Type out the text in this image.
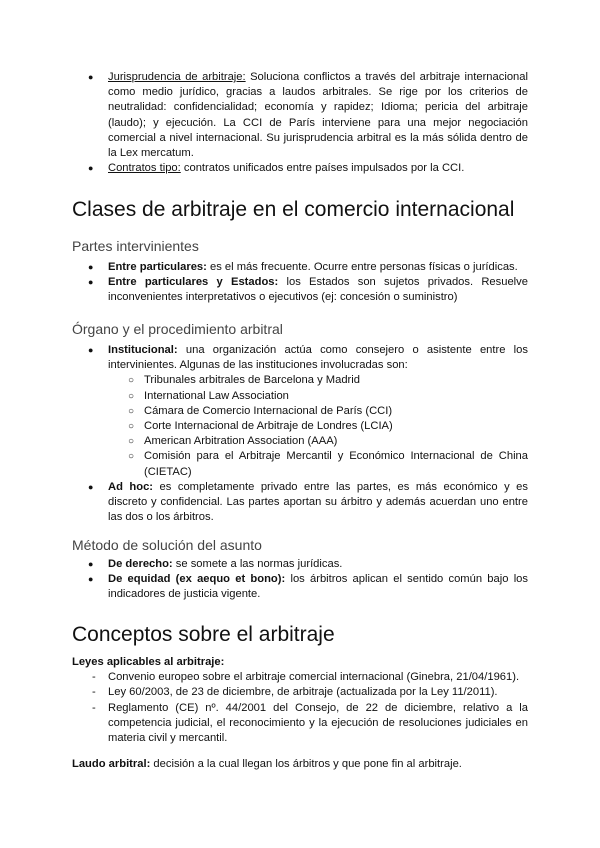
● Jurisprudencia de arbitraje: Soluciona conflictos a través del arbitraje internacional como medio jurídico, gracias a laudos arbitrales. Se rige por los criterios de neutralidad: confidencialidad; economía y rapidez; Idioma; pericia del arbitraje (laudo); y ejecución. La CCI de París interviene para una mejor negociación comercial a nivel internacional. Su jurisprudencia arbitral es la más sólida dentro de la Lex mercatum.
● Contratos tipo: contratos unificados entre países impulsados por la CCI.
Clases de arbitraje en el comercio internacional
Partes intervinientes
● Entre particulares: es el más frecuente. Ocurre entre personas físicas o jurídicas.
● Entre particulares y Estados: los Estados son sujetos privados. Resuelve inconvenientes interpretativos o ejecutivos (ej: concesión o suministro)
Órgano y el procedimiento arbitral
● Institucional: una organización actúa como consejero o asistente entre los intervinientes. Algunas de las instituciones involucradas son:
○ Tribunales arbitrales de Barcelona y Madrid
○ International Law Association
○ Cámara de Comercio Internacional de París (CCI)
○ Corte Internacional de Arbitraje de Londres (LCIA)
○ American Arbitration Association (AAA)
○ Comisión para el Arbitraje Mercantil y Económico Internacional de China (CIETAC)
● Ad hoc: es completamente privado entre las partes, es más económico y es discreto y confidencial. Las partes aportan su árbitro y además acuerdan uno entre las dos o los árbitros.
Método de solución del asunto
● De derecho: se somete a las normas jurídicas.
● De equidad (ex aequo et bono): los árbitros aplican el sentido común bajo los indicadores de justicia vigente.
Conceptos sobre el arbitraje
Leyes aplicables al arbitraje:
- Convenio europeo sobre el arbitraje comercial internacional (Ginebra, 21/04/1961).
- Ley 60/2003, de 23 de diciembre, de arbitraje (actualizada por la Ley 11/2011).
- Reglamento (CE) nº. 44/2001 del Consejo, de 22 de diciembre, relativo a la competencia judicial, el reconocimiento y la ejecución de resoluciones judiciales en materia civil y mercantil.
Laudo arbitral: decisión a la cual llegan los árbitros y que pone fin al arbitraje.
